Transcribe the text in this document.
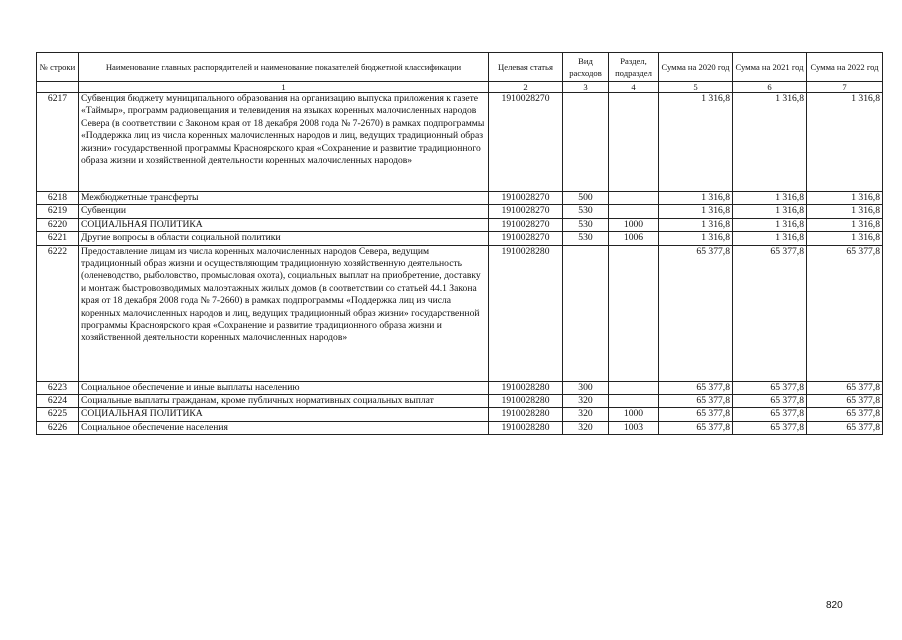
№ строки	Наименование главных распорядителей и наименование показателей бюджетной классификации	Целевая статья	Вид расходов	Раздел, подраздел	Сумма на 2020 год	Сумма на 2021 год	Сумма на 2022 год
	1	2	3	4	5	6	7
6217	Субвенция бюджету муниципального образования на организацию выпуска приложения к газете «Таймыр», программ радиовещания и телевидения на языках коренных малочисленных народов Севера (в соответствии с Законом края от 18 декабря 2008 года № 7-2670) в рамках подпрограммы «Поддержка лиц из числа коренных малочисленных народов и лиц, ведущих традиционный образ жизни» государственной программы Красноярского края «Сохранение и развитие традиционного образа жизни и хозяйственной деятельности коренных малочисленных народов»	1910028270			1 316,8	1 316,8	1 316,8
6218	Межбюджетные трансферты	1910028270	500		1 316,8	1 316,8	1 316,8
6219	Субвенции	1910028270	530		1 316,8	1 316,8	1 316,8
6220	СОЦИАЛЬНАЯ ПОЛИТИКА	1910028270	530	1000	1 316,8	1 316,8	1 316,8
6221	Другие вопросы в области социальной политики	1910028270	530	1006	1 316,8	1 316,8	1 316,8
6222	Предоставление лицам из числа коренных малочисленных народов Севера, ведущим традиционный образ жизни и осуществляющим традиционную хозяйственную деятельность (оленеводство, рыболовство, промысловая охота), социальных выплат на приобретение, доставку и монтаж быстровозводимых малоэтажных жилых домов (в соответствии со статьей 44.1 Закона края от 18 декабря 2008 года № 7-2660) в рамках подпрограммы «Поддержка лиц из числа коренных малочисленных народов и лиц, ведущих традиционный образ жизни» государственной программы Красноярского края «Сохранение и развитие традиционного образа жизни и хозяйственной деятельности коренных малочисленных народов»	1910028280			65 377,8	65 377,8	65 377,8
6223	Социальное обеспечение и иные выплаты населению	1910028280	300		65 377,8	65 377,8	65 377,8
6224	Социальные выплаты гражданам, кроме публичных нормативных социальных выплат	1910028280	320		65 377,8	65 377,8	65 377,8
6225	СОЦИАЛЬНАЯ ПОЛИТИКА	1910028280	320	1000	65 377,8	65 377,8	65 377,8
6226	Социальное обеспечение населения	1910028280	320	1003	65 377,8	65 377,8	65 377,8
820
